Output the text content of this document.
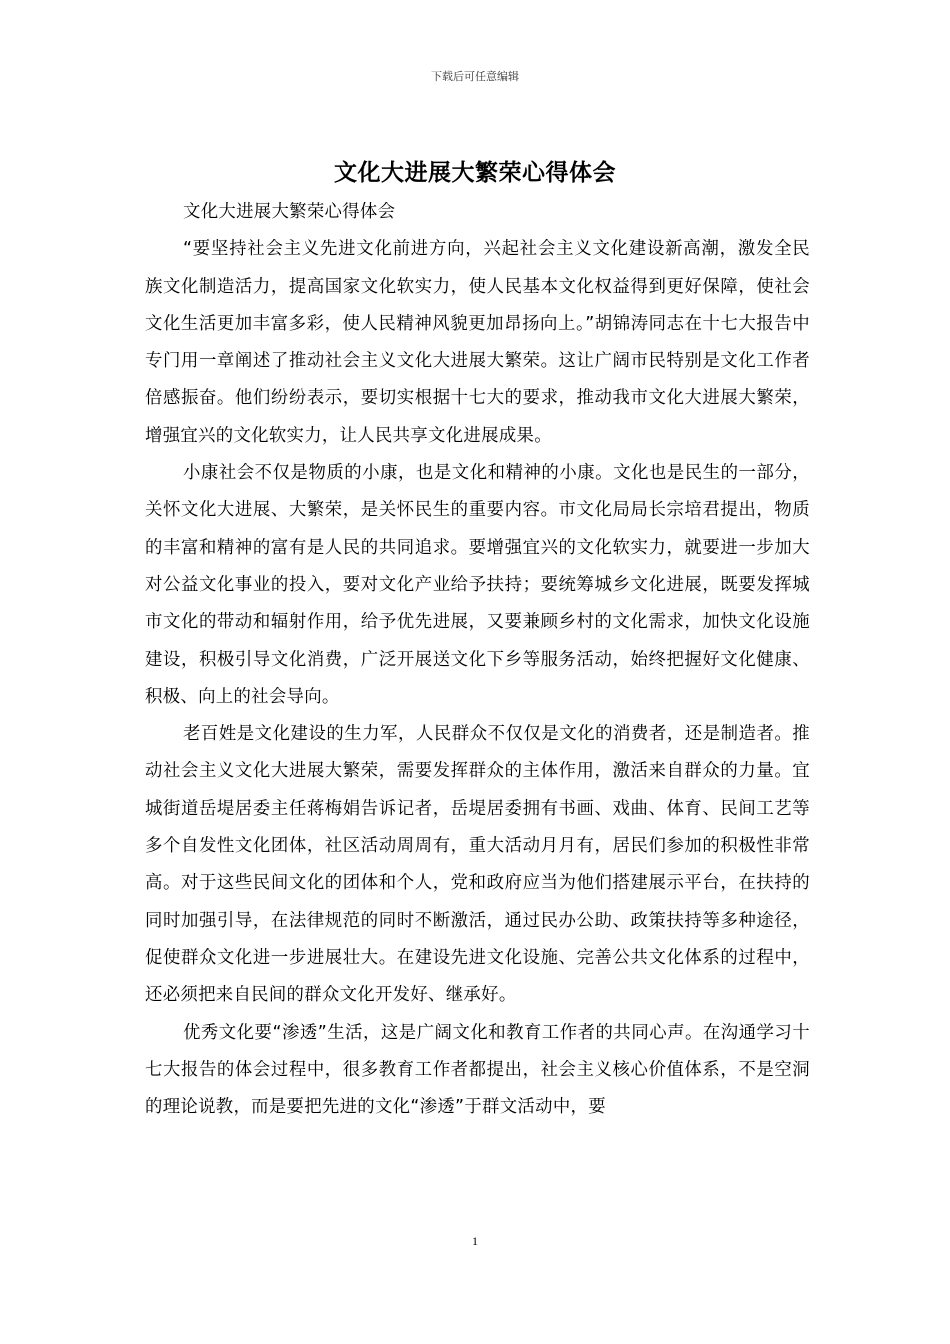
下载后可任意编辑
文化大进展大繁荣心得体会

文化大进展大繁荣心得体会

“要坚持社会主义先进文化前进方向，兴起社会主义文化建设新高潮，激发全民族文化制造活力，提高国家文化软实力，使人民基本文化权益得到更好保障，使社会文化生活更加丰富多彩，使人民精神风貌更加昂扬向上。”胡锦涛同志在十七大报告中专门用一章阐述了推动社会主义文化大进展大繁荣。这让广阔市民特别是文化工作者倍感振奋。他们纷纷表示，要切实根据十七大的要求，推动我市文化大进展大繁荣，增强宜兴的文化软实力，让人民共享文化进展成果。

小康社会不仅是物质的小康，也是文化和精神的小康。文化也是民生的一部分，关怀文化大进展、大繁荣，是关怀民生的重要内容。市文化局局长宗培君提出，物质的丰富和精神的富有是人民的共同追求。要增强宜兴的文化软实力，就要进一步加大对公益文化事业的投入，要对文化产业给予扶持；要统筹城乡文化进展，既要发挥城市文化的带动和辐射作用，给予优先进展，又要兼顾乡村的文化需求，加快文化设施建设，积极引导文化消费，广泛开展送文化下乡等服务活动，始终把握好文化健康、积极、向上的社会导向。

老百姓是文化建设的生力军，人民群众不仅仅是文化的消费者，还是制造者。推动社会主义文化大进展大繁荣，需要发挥群众的主体作用，激活来自群众的力量。宜城街道岳堤居委主任蒋梅娟告诉记者，岳堤居委拥有书画、戏曲、体育、民间工艺等多个自发性文化团体，社区活动周周有，重大活动月月有，居民们参加的积极性非常高。对于这些民间文化的团体和个人，党和政府应当为他们搭建展示平台，在扶持的同时加强引导，在法律规范的同时不断激活，通过民办公助、政策扶持等多种途径，促使群众文化进一步进展壮大。在建设先进文化设施、完善公共文化体系的过程中，还必须把来自民间的群众文化开发好、继承好。

优秀文化要“渗透”生活，这是广阔文化和教育工作者的共同心声。在沟通学习十七大报告的体会过程中，很多教育工作者都提出，社会主义核心价值体系，不是空洞的理论说教，而是要把先进的文化“渗透”于群文活动中，要

1
